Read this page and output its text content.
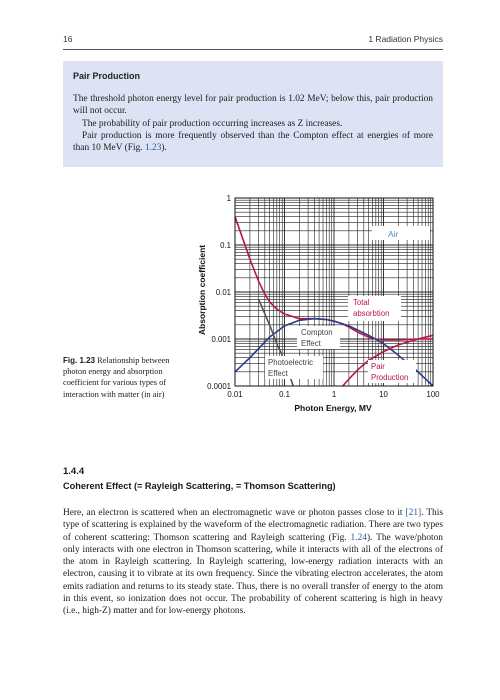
16	1 Radiation Physics
Pair Production

The threshold photon energy level for pair production is 1.02 MeV; below this, pair production will not occur.

The probability of pair production occurring increases as Z increases.

Pair production is more frequently observed than the Compton effect at energies of more than 10 MeV (Fig. 1.23).

Fig. 1.23 Relationship between photon energy and absorption coefficient for various types of interaction with matter (in air)	0.01	0.1	1	10	100
0.0001
0.001
0.01
0.1
1
Air
Total
absorbtion
Compton
Effect
Photoelectric
Effect
Pair
Production
Absorption coefficient
Photon Energy, MV
1.4.4
Coherent Effect (= Rayleigh Scattering, = Thomson Scattering)

Here, an electron is scattered when an electromagnetic wave or photon passes close to it [21]. This type of scattering is explained by the waveform of the electromagnetic radiation. There are two types of coherent scattering: Thomson scattering and Rayleigh scattering (Fig. 1.24). The wave/photon only interacts with one electron in Thomson scattering, while it interacts with all of the electrons of the atom in Rayleigh scattering. In Rayleigh scattering, low-energy radiation interacts with an electron, causing it to vibrate at its own frequency. Since the vibrating electron accelerates, the atom emits radiation and returns to its steady state. Thus, there is no overall transfer of energy to the atom in this event, so ionization does not occur. The probability of coherent scattering is high in heavy (i.e., high-Z) matter and for low-energy photons.
